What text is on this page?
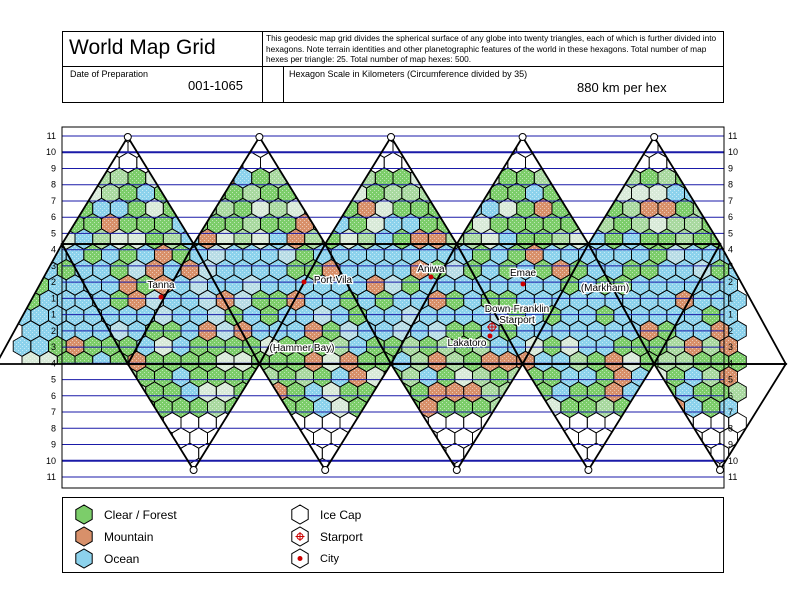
World Map Grid	This geodesic map grid divides the spherical surface of any globe into twenty triangles, each of which is further divided into hexagons. Note terrain identities and other planetographic features of the world in these hexagons. Total number of map hexes per triangle: 25. Total number of map hexes: 500.
Date of Preparation
001-1065
Hexagon Scale in Kilometers (Circumference divided by 35)
880 km per hex
11
10
9
8
7
6
5
4
3
2
1
1
2
3
4
5
6
7
8
9
10
11
11
10
9
8
7
6
5
4
3
2
1
1
2
3
4
5
6
7
8
9
10
11
Tanna	Port-Vila
Aniwa	Emae
Down-Franklin Starport
Lakatoro
(Hammer Bay)
(Markham)
Clear / Forest
Mountain
Ocean
Ice Cap
Starport
City
